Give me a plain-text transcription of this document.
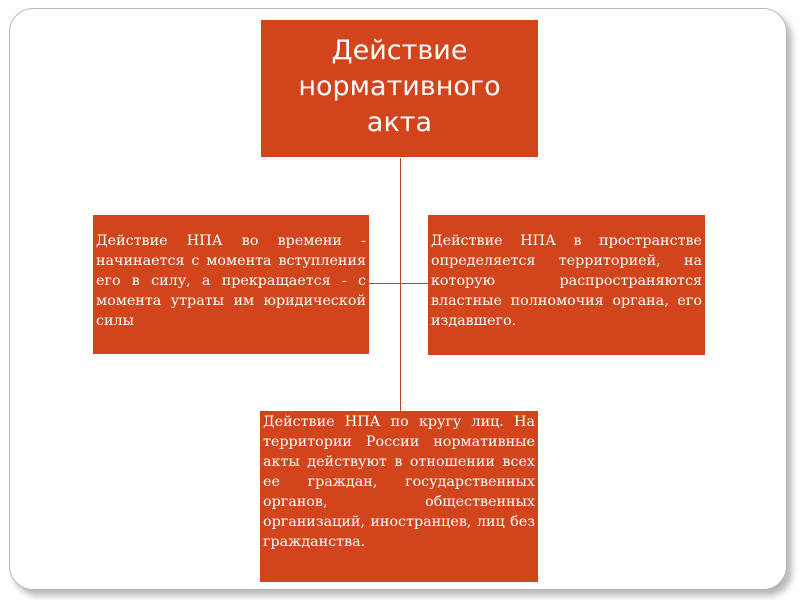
Действие
нормативного
акта
Действие НПА во времени - начинается с момента вступления его в силу, а прекращается - с момента утраты им юридической силы
Действие НПА в пространстве определяется территорией, на которую распространяются властные полномочия органа, его издавшего.
Действие НПА по кругу лиц. На территории России нормативные акты действуют в отношении всех ее граждан, государственных органов, общественных организаций, иностранцев, лиц без гражданства.
